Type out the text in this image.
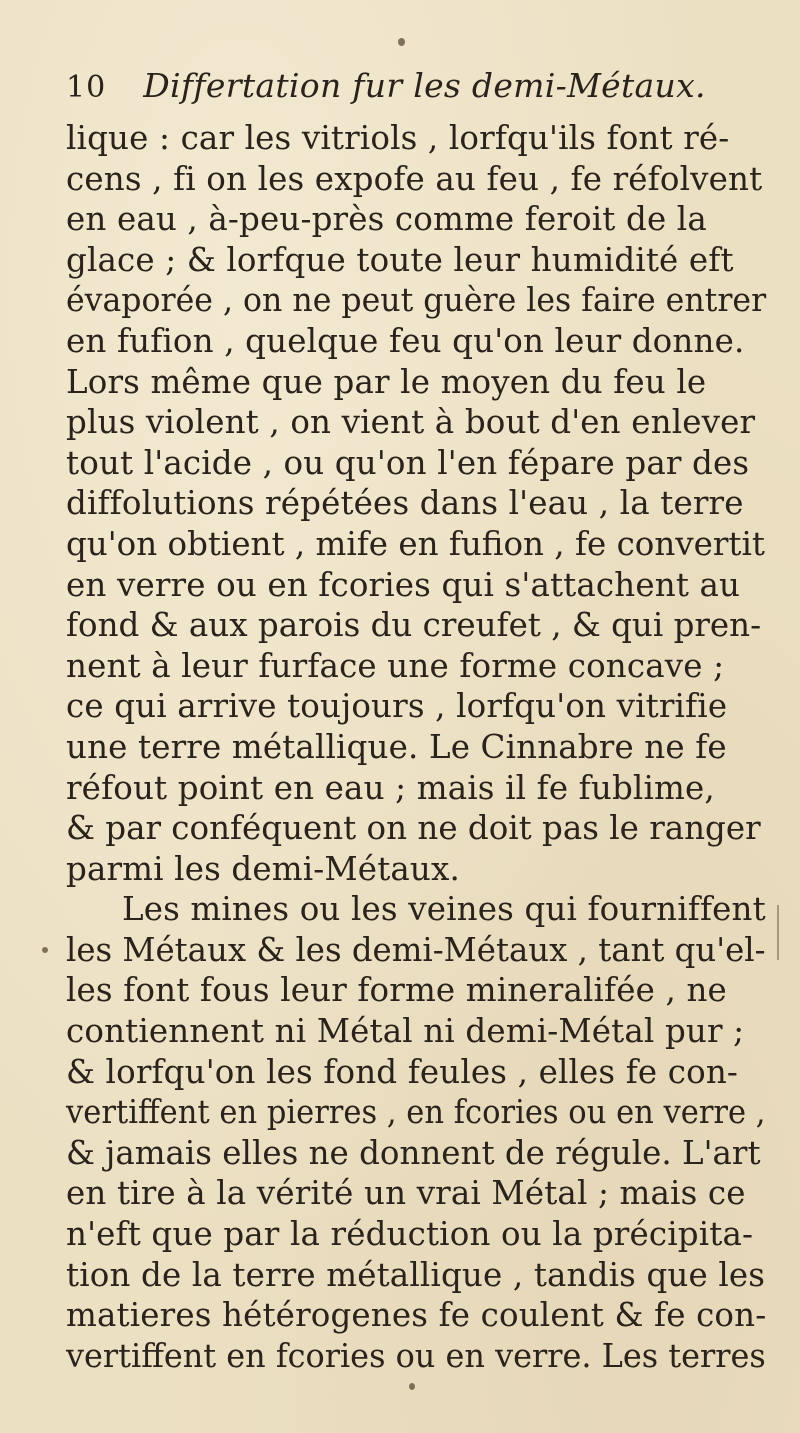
10 Differtation fur les demi-Métaux.
lique : car les vitriols , lorfqu'ils font ré-
cens , fi on les expofe au feu , fe réfolvent
en eau , à-peu-près comme feroit de la
glace ; & lorfque toute leur humidité eft
évaporée , on ne peut guère les faire entrer
en fufion , quelque feu qu'on leur donne.
Lors même que par le moyen du feu le
plus violent , on vient à bout d'en enlever
tout l'acide , ou qu'on l'en fépare par des
diffolutions répétées dans l'eau , la terre
qu'on obtient , mife en fufion , fe convertit
en verre ou en fcories qui s'attachent au
fond & aux parois du creufet , & qui pren-
nent à leur furface une forme concave ;
ce qui arrive toujours , lorfqu'on vitrifie
une terre métallique. Le Cinnabre ne fe
réfout point en eau ; mais il fe fublime,
& par conféquent on ne doit pas le ranger
parmi les demi-Métaux.
Les mines ou les veines qui fourniffent
les Métaux & les demi-Métaux , tant qu'el-
les font fous leur forme mineralifée , ne
contiennent ni Métal ni demi-Métal pur ;
& lorfqu'on les fond feules , elles fe con-
vertiffent en pierres , en fcories ou en verre ,
& jamais elles ne donnent de régule. L'art
en tire à la vérité un vrai Métal ; mais ce
n'eft que par la réduction ou la précipita-
tion de la terre métallique , tandis que les
matieres hétérogenes fe coulent & fe con-
vertiffent en fcories ou en verre. Les terres
